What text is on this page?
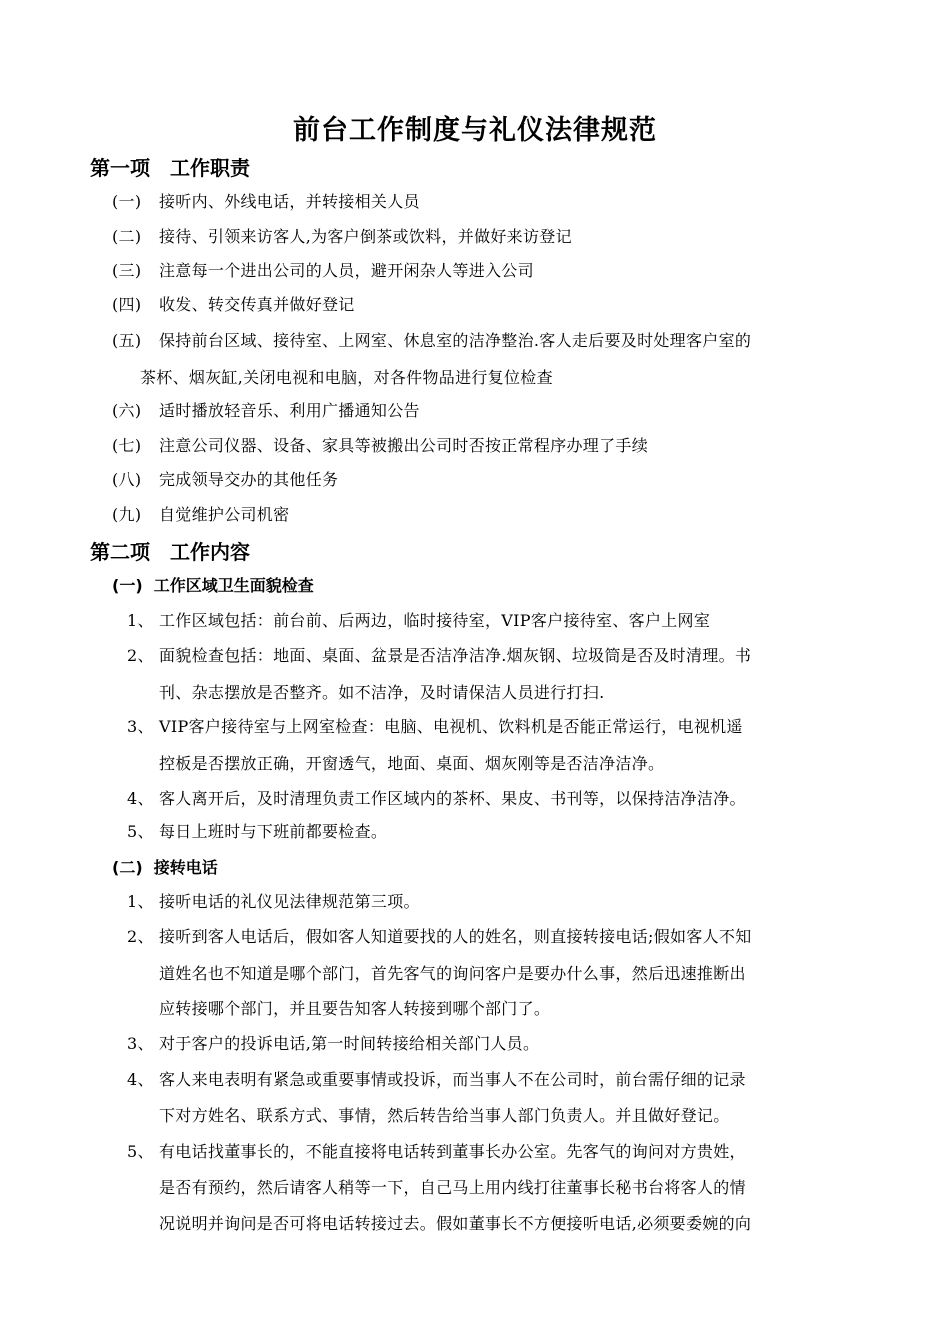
前台工作制度与礼仪法律规范
第一项　工作职责
(一) 接听内、外线电话，并转接相关人员
(二) 接待、引领来访客人,为客户倒茶或饮料，并做好来访登记
(三) 注意每一个进出公司的人员，避开闲杂人等进入公司
(四) 收发、转交传真并做好登记
(五) 保持前台区域、接待室、上网室、休息室的洁净整治.客人走后要及时处理客户室的
茶杯、烟灰缸,关闭电视和电脑，对各件物品进行复位检查
(六) 适时播放轻音乐、利用广播通知公告
(七) 注意公司仪器、设备、家具等被搬出公司时否按正常程序办理了手续
(八) 完成领导交办的其他任务
(九) 自觉维护公司机密
第二项　工作内容
(一)  工作区域卫生面貌检查
1、 工作区域包括：前台前、后两边，临时接待室，VIP客户接待室、客户上网室
2、 面貌检查包括：地面、桌面、盆景是否洁净洁净.烟灰钢、垃圾筒是否及时清理。书
刊、杂志摆放是否整齐。如不洁净，及时请保洁人员进行打扫.
3、 VIP客户接待室与上网室检查：电脑、电视机、饮料机是否能正常运行，电视机遥
控板是否摆放正确，开窗透气，地面、桌面、烟灰刚等是否洁净洁净。
4、 客人离开后，及时清理负责工作区域内的茶杯、果皮、书刊等，以保持洁净洁净。
5、 每日上班时与下班前都要检查。
(二)  接转电话
1、 接听电话的礼仪见法律规范第三项。
2、 接听到客人电话后，假如客人知道要找的人的姓名，则直接转接电话;假如客人不知
道姓名也不知道是哪个部门，首先客气的询问客户是要办什么事，然后迅速推断出
应转接哪个部门，并且要告知客人转接到哪个部门了。
3、 对于客户的投诉电话,第一时间转接给相关部门人员。
4、 客人来电表明有紧急或重要事情或投诉，而当事人不在公司时，前台需仔细的记录
下对方姓名、联系方式、事情，然后转告给当事人部门负责人。并且做好登记。
5、 有电话找董事长的，不能直接将电话转到董事长办公室。先客气的询问对方贵姓，
是否有预约，然后请客人稍等一下，自己马上用内线打往董事长秘书台将客人的情
况说明并询问是否可将电话转接过去。假如董事长不方便接听电话,必须要委婉的向
